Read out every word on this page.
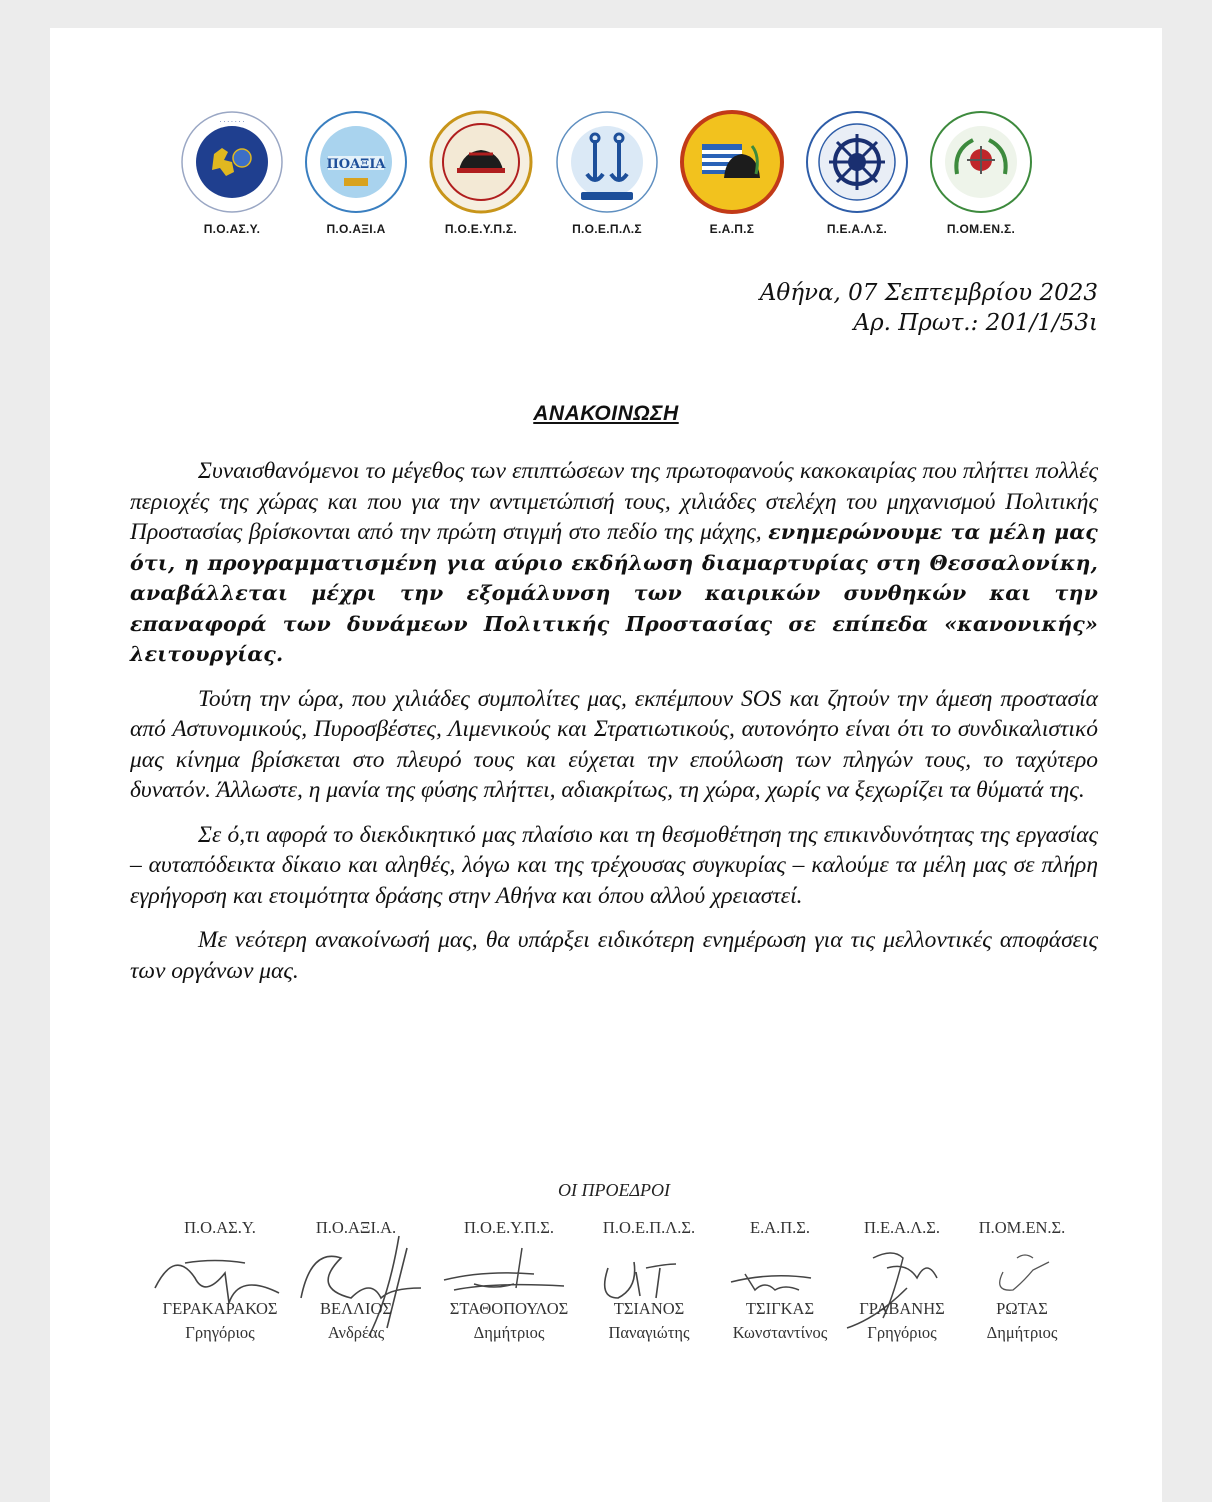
· · · · · · ·
Π.Ο.ΑΣ.Υ.
ΠΟΑΞΙΑ
Π.Ο.ΑΞΙ.Α	Π.Ο.Ε.Υ.Π.Σ.	Π.Ο.Ε.Π.Λ.Σ	Ε.Α.Π.Σ	Π.Ε.Α.Λ.Σ.	Π.ΟΜ.ΕΝ.Σ.
Αθήνα, 07 Σεπτεμβρίου 2023
Αρ. Πρωτ.: 201/1/53ι
ΑΝΑΚΟΙΝΩΣΗ

Συναισθανόμενοι το μέγεθος των επιπτώσεων της πρωτοφανούς κακοκαιρίας που πλήττει πολλές περιοχές της χώρας και που για την αντιμετώπισή τους, χιλιάδες στελέχη του μηχανισμού Πολιτικής Προστασίας βρίσκονται από την πρώτη στιγμή στο πεδίο της μάχης, ενημερώνουμε τα μέλη μας ότι, η προγραμματισμένη για αύριο εκδήλωση διαμαρτυρίας στη Θεσσαλονίκη, αναβάλλεται μέχρι την εξομάλυνση των καιρικών συνθηκών και την επαναφορά των δυνάμεων Πολιτικής Προστασίας σε επίπεδα «κανονικής» λειτουργίας.

Τούτη την ώρα, που χιλιάδες συμπολίτες μας, εκπέμπουν SOS και ζητούν την άμεση προστασία από Αστυνομικούς, Πυροσβέστες, Λιμενικούς και Στρατιωτικούς, αυτονόητο είναι ότι το συνδικαλιστικό μας κίνημα βρίσκεται στο πλευρό τους και εύχεται την επούλωση των πληγών τους, το ταχύτερο δυνατόν. Άλλωστε, η μανία της φύσης πλήττει, αδιακρίτως, τη χώρα, χωρίς να ξεχωρίζει τα θύματά της.

Σε ό,τι αφορά το διεκδικητικό μας πλαίσιο και τη θεσμοθέτηση της επικινδυνότητας της εργασίας – αυταπόδεικτα δίκαιο και αληθές, λόγω και της τρέχουσας συγκυρίας – καλούμε τα μέλη μας σε πλήρη εγρήγορση και ετοιμότητα δράσης στην Αθήνα και όπου αλλού χρειαστεί.

Με νεότερη ανακοίνωσή μας, θα υπάρξει ειδικότερη ενημέρωση για τις μελλοντικές αποφάσεις των οργάνων μας.

ΟΙ ΠΡΟΕΔΡΟΙ
Π.Ο.ΑΣ.Υ.
ΓΕΡΑΚΑΡΑΚΟΣ
Γρηγόριος
Π.Ο.ΑΞΙ.Α.
ΒΕΛΛΙΟΣ
Ανδρέας
Π.Ο.Ε.Υ.Π.Σ.
ΣΤΑΘΟΠΟΥΛΟΣ
Δημήτριος
Π.Ο.Ε.Π.Λ.Σ.
ΤΣΙΑΝΟΣ
Παναγιώτης
Ε.Α.Π.Σ.
ΤΣΙΓΚΑΣ
Κωνσταντίνος
Π.Ε.Α.Λ.Σ.
ΓΡΑΒΑΝΗΣ
Γρηγόριος
Π.ΟΜ.ΕΝ.Σ.
ΡΩΤΑΣ
Δημήτριος
